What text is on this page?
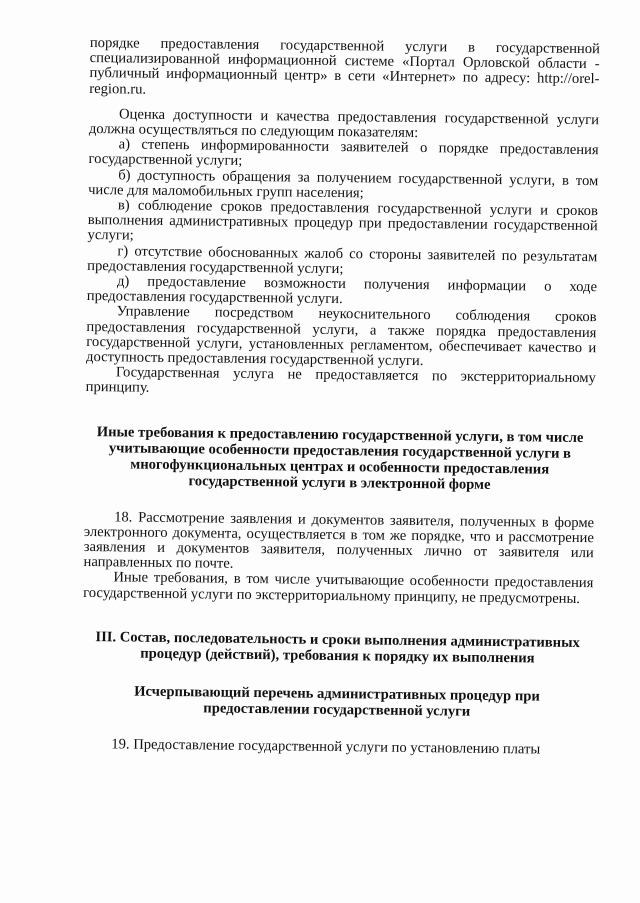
порядке предоставления государственной услуги в государственной специализированной информационной системе «Портал Орловской области - публичный информационный центр» в сети «Интернет» по адресу: http://orel-region.ru.

Оценка доступности и качества предоставления государственной услуги должна осуществляться по следующим показателям:

а) степень информированности заявителей о порядке предоставления государственной услуги;

б) доступность обращения за получением государственной услуги, в том числе для маломобильных групп населения;

в) соблюдение сроков предоставления государственной услуги и сроков выполнения административных процедур при предоставлении государственной услуги;

г) отсутствие обоснованных жалоб со стороны заявителей по результатам предоставления государственной услуги;

д) предоставление возможности получения информации о ходе предоставления государственной услуги.

Управление посредством неукоснительного соблюдения сроков предоставления государственной услуги, а также порядка предоставления государственной услуги, установленных регламентом, обеспечивает качество и доступность предоставления государственной услуги.

Государственная услуга не предоставляется по экстерриториальному принципу.

Иные требования к предоставлению государственной услуги, в том числе учитывающие особенности предоставления государственной услуги в многофункциональных центрах и особенности предоставления государственной услуги в электронной форме

18. Рассмотрение заявления и документов заявителя, полученных в форме электронного документа, осуществляется в том же порядке, что и рассмотрение заявления и документов заявителя, полученных лично от заявителя или направленных по почте.

Иные требования, в том числе учитывающие особенности предоставления государственной услуги по экстерриториальному принципу, не предусмотрены.

III. Состав, последовательность и сроки выполнения административных процедур (действий), требования к порядку их выполнения

Исчерпывающий перечень административных процедур при предоставлении государственной услуги

19. Предоставление государственной услуги по установлению платы
